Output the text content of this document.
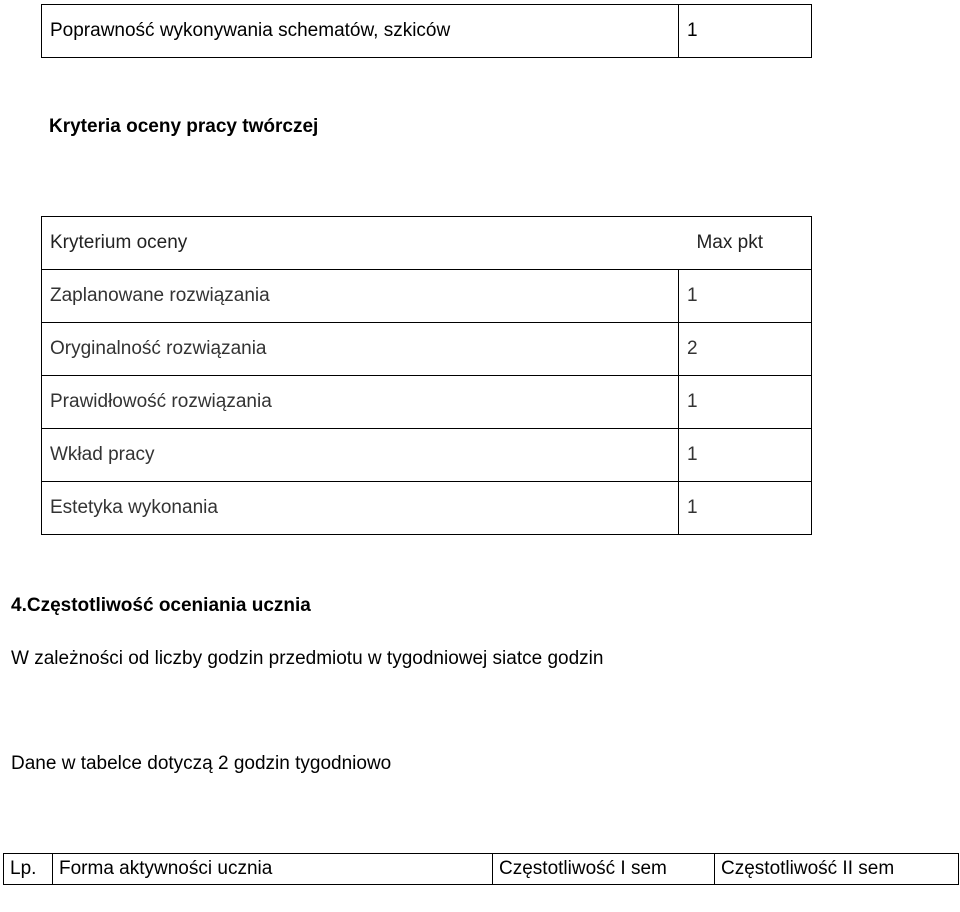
Poprawność wykonywania schematów, szkiców	1
Kryteria oceny pracy twórczej
Kryterium oceny	Max pkt
Zaplanowane rozwiązania	1
Oryginalność rozwiązania	2
Prawidłowość rozwiązania	1
Wkład pracy	1
Estetyka wykonania	1
4.Częstotliwość oceniania ucznia
W zależności od liczby godzin przedmiotu w tygodniowej siatce godzin
Dane w tabelce dotyczą 2 godzin tygodniowo
Lp.	Forma aktywności ucznia	Częstotliwość I sem	Częstotliwość II sem
